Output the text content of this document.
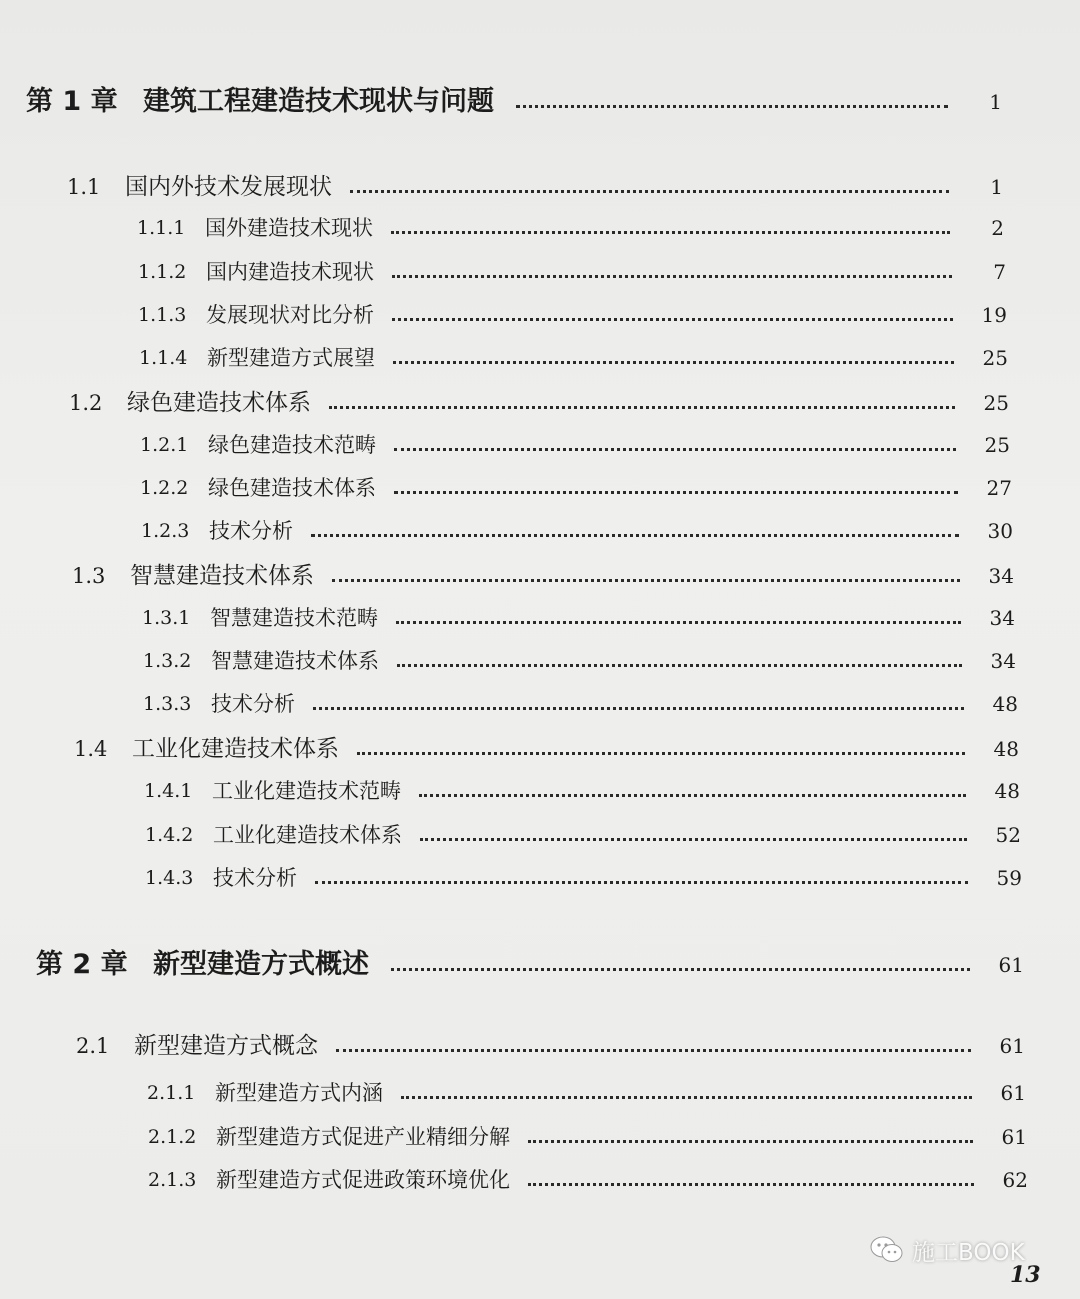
第 1 章 建筑工程建造技术现状与问题	1
1.1 国内外技术发展现状	1
1.1.1 国外建造技术现状	2
1.1.2 国内建造技术现状	7
1.1.3 发展现状对比分析	19
1.1.4 新型建造方式展望	25
1.2 绿色建造技术体系	25
1.2.1 绿色建造技术范畴	25
1.2.2 绿色建造技术体系	27
1.2.3 技术分析	30
1.3 智慧建造技术体系	34
1.3.1 智慧建造技术范畴	34
1.3.2 智慧建造技术体系	34
1.3.3 技术分析	48
1.4 工业化建造技术体系	48
1.4.1 工业化建造技术范畴	48
1.4.2 工业化建造技术体系	52
1.4.3 技术分析	59
第 2 章 新型建造方式概述	61
2.1 新型建造方式概念	61
2.1.1 新型建造方式内涵	61
2.1.2 新型建造方式促进产业精细分解	61
2.1.3 新型建造方式促进政策环境优化	62
施工BOOK
13
